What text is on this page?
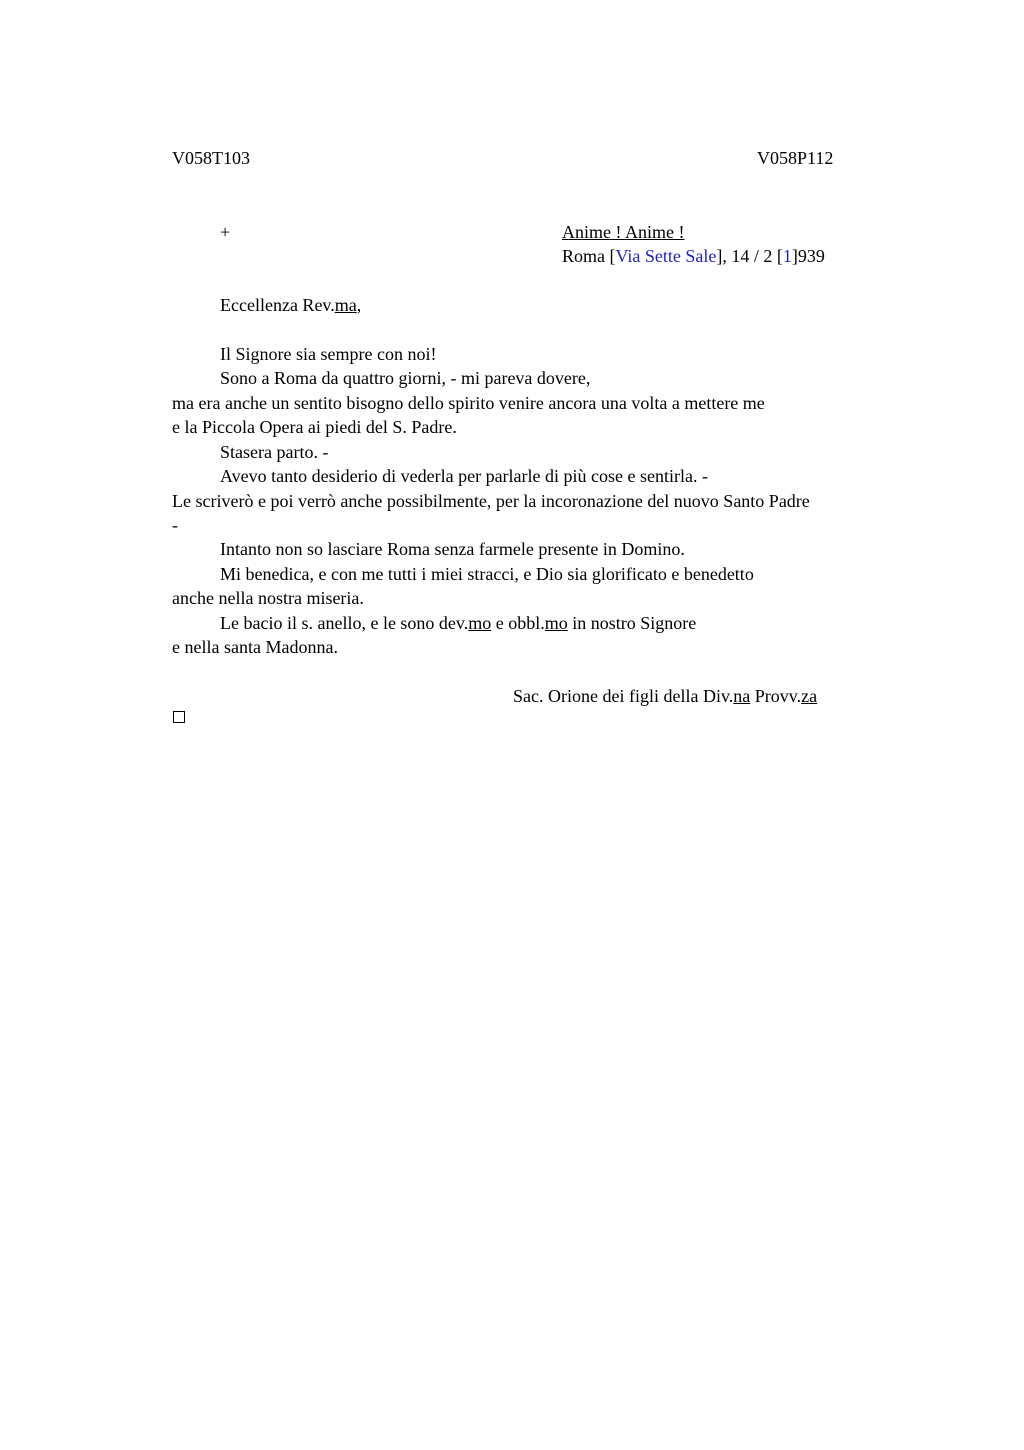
V058T103	V058P112
+	Anime ! Anime !
Roma [Via Sette Sale], 14 / 2 [1]939
Eccellenza Rev.ma,
Il Signore sia sempre con noi!
Sono a Roma da quattro giorni, - mi pareva dovere,
ma era anche un sentito bisogno dello spirito venire ancora una volta a mettere me
e la Piccola Opera ai piedi del S. Padre.
Stasera parto. -
Avevo tanto desiderio di vederla per parlarle di più cose e sentirla. -
Le scriverò e poi verrò anche possibilmente, per la incoronazione del nuovo Santo Padre
-
Intanto non so lasciare Roma senza farmele presente in Domino.
Mi benedica, e con me tutti i miei stracci, e Dio sia glorificato e benedetto
anche nella nostra miseria.
Le bacio il s. anello, e le sono dev.mo e obbl.mo in nostro Signore
e nella santa Madonna.
Sac. Orione dei figli della Div.na Provv.za
